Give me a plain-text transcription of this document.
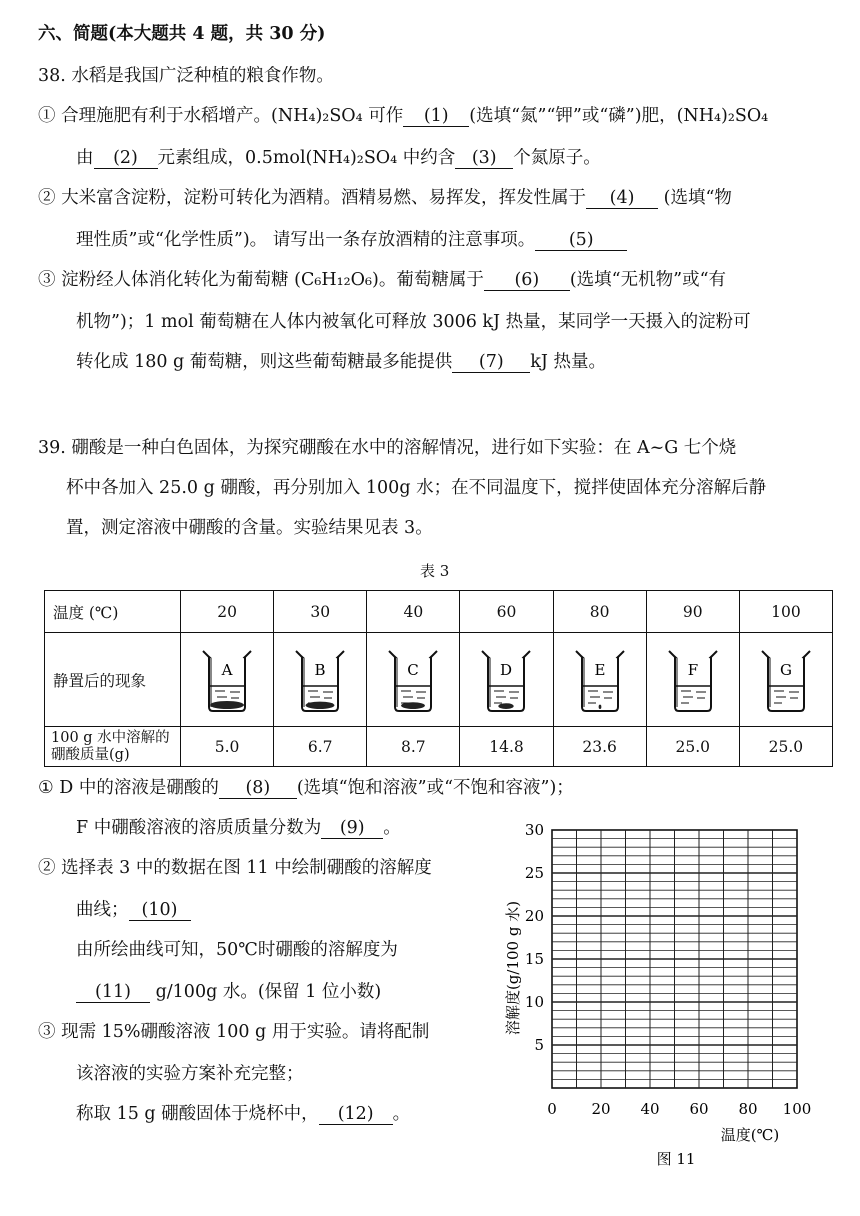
六、简题(本大题共 4 题，共 30 分)
38. 水稻是我国广泛种植的粮食作物。
① 合理施肥有利于水稻增产。(NH₄)₂SO₄ 可作 (1) (选填“氮”“钾”或“磷”)肥，(NH₄)₂SO₄
由 (2) 元素组成，0.5mol(NH₄)₂SO₄ 中约含 (3) 个氮原子。
② 大米富含淀粉，淀粉可转化为酒精。酒精易燃、易挥发，挥发性属于 (4) (选填“物
理性质”或“化学性质”)。 请写出一条存放酒精的注意事项。 (5)
③ 淀粉经人体消化转化为葡萄糖 (C₆H₁₂O₆)。葡萄糖属于 (6) (选填“无机物”或“有
机物”)；1 mol 葡萄糖在人体内被氧化可释放 3006 kJ 热量，某同学一天摄入的淀粉可
转化成 180 g 葡萄糖，则这些葡萄糖最多能提供 (7) kJ 热量。
39. 硼酸是一种白色固体，为探究硼酸在水中的溶解情况，进行如下实验：在 A~G 七个烧
杯中各加入 25.0 g 硼酸，再分别加入 100g 水；在不同温度下，搅拌使固体充分溶解后静
置，测定溶液中硼酸的含量。实验结果见表 3。
表 3
温度 (℃)	20	30	40	60	80	90	100
静置后的现象	A	B	C	D	E	F	G

100 g 水中溶解的
硼酸质量(g)	5.0	6.7	8.7	14.8	23.6	25.0	25.0
① D 中的溶液是硼酸的 (8) (选填“饱和溶液”或“不饱和容液”)；
F 中硼酸溶液的溶质质量分数为 (9) 。
② 选择表 3 中的数据在图 11 中绘制硼酸的溶解度
曲线； (10)
由所绘曲线可知，50℃时硼酸的溶解度为
(11) g/100g 水。(保留 1 位小数)
③ 现需 15%硼酸溶液 100 g 用于实验。请将配制
该溶液的实验方案补充完整；
称取 15 g 硼酸固体于烧杯中， (12) 。
30
25
20
15
10
5
0 20 40 60 80 100
溶解度(g/100 g 水)
温度(℃)
图 11
